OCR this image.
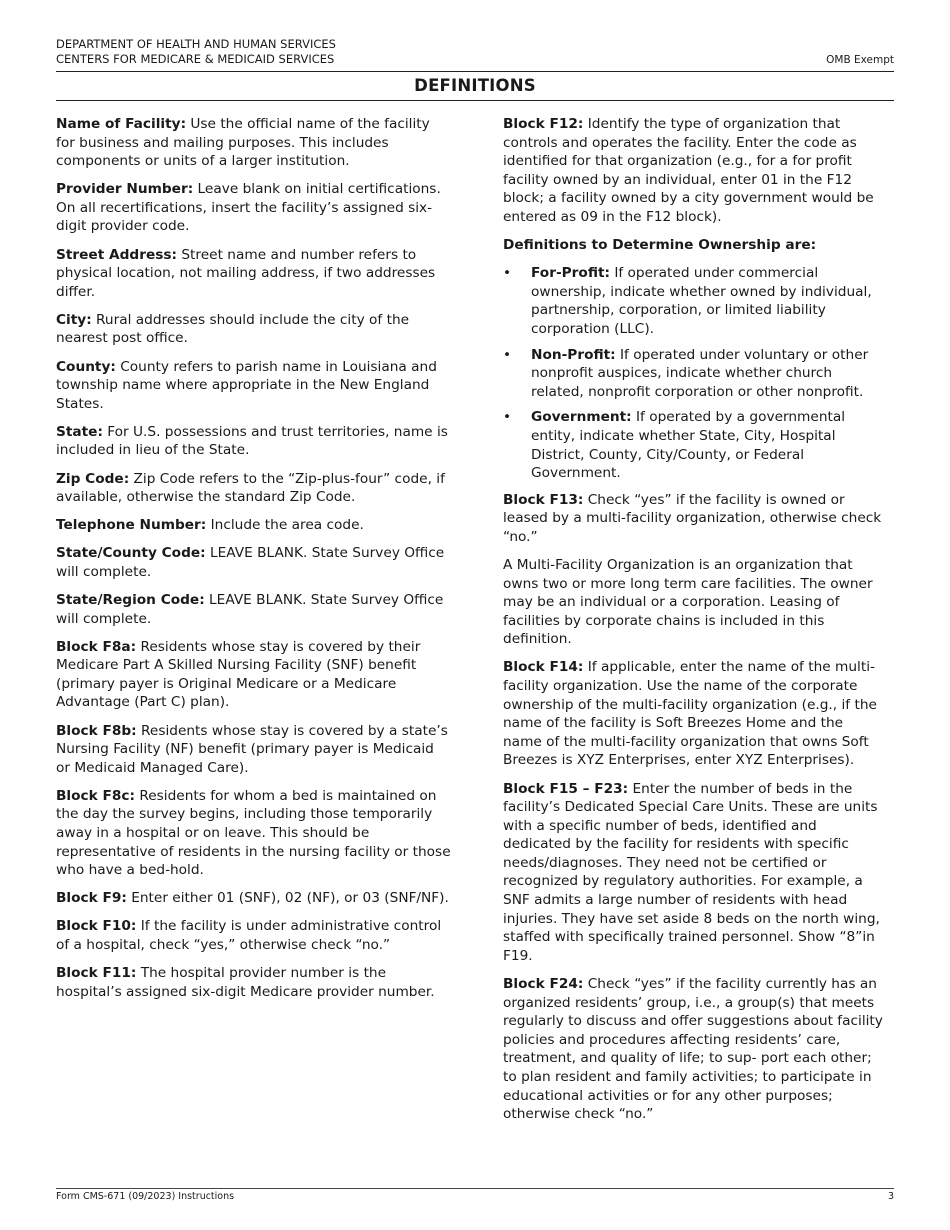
DEPARTMENT OF HEALTH AND HUMAN SERVICES
CENTERS FOR MEDICARE & MEDICAID SERVICES	OMB Exempt
DEFINITIONS

Name of Facility: Use the official name of the facility for business and mailing purposes. This includes components or units of a larger institution.

Provider Number: Leave blank on initial certifications. On all recertifications, insert the facility’s assigned six-digit provider code.

Street Address: Street name and number refers to physical location, not mailing address, if two addresses differ.

City: Rural addresses should include the city of the nearest post office.

County: County refers to parish name in Louisiana and township name where appropriate in the New England States.

State: For U.S. possessions and trust territories, name is included in lieu of the State.

Zip Code: Zip Code refers to the “Zip-plus-four” code, if available, otherwise the standard Zip Code.

Telephone Number: Include the area code.

State/County Code: LEAVE BLANK. State Survey Office will complete.

State/Region Code: LEAVE BLANK. State Survey Office will complete.

Block F8a: Residents whose stay is covered by their Medicare Part A Skilled Nursing Facility (SNF) benefit (primary payer is Original Medicare or a Medicare Advantage (Part C) plan).

Block F8b: Residents whose stay is covered by a state’s Nursing Facility (NF) benefit (primary payer is Medicaid or Medicaid Managed Care).

Block F8c: Residents for whom a bed is maintained on the day the survey begins, including those temporarily away in a hospital or on leave. This should be representative of residents in the nursing facility or those who have a bed-hold.

Block F9: Enter either 01 (SNF), 02 (NF), or 03 (SNF/NF).

Block F10: If the facility is under administrative control of a hospital, check “yes,” otherwise check “no.”

Block F11: The hospital provider number is the hospital’s assigned six-digit Medicare provider number.

Block F12: Identify the type of organization that controls and operates the facility. Enter the code as identified for that organization (e.g., for a for profit facility owned by an individual, enter 01 in the F12 block; a facility owned by a city government would be entered as 09 in the F12 block).

Definitions to Determine Ownership are:

• For-Profit: If operated under commercial ownership, indicate whether owned by individual, partnership, corporation, or limited liability corporation (LLC).
• Non-Profit: If operated under voluntary or other nonprofit auspices, indicate whether church related, nonprofit corporation or other nonprofit.
• Government: If operated by a governmental entity, indicate whether State, City, Hospital District, County, City/County, or Federal Government.

Block F13: Check “yes” if the facility is owned or leased by a multi-facility organization, otherwise check “no.”

A Multi-Facility Organization is an organization that owns two or more long term care facilities. The owner may be an individual or a corporation. Leasing of facilities by corporate chains is included in this definition.

Block F14: If applicable, enter the name of the multi-facility organization. Use the name of the corporate ownership of the multi-facility organization (e.g., if the name of the facility is Soft Breezes Home and the name of the multi-facility organization that owns Soft Breezes is XYZ Enterprises, enter XYZ Enterprises).

Block F15 – F23: Enter the number of beds in the facility’s Dedicated Special Care Units. These are units with a specific number of beds, identified and dedicated by the facility for residents with specific needs/diagnoses. They need not be certified or recognized by regulatory authorities. For example, a SNF admits a large number of residents with head injuries. They have set aside 8 beds on the north wing, staffed with specifically trained personnel. Show “8”in F19.

Block F24: Check “yes” if the facility currently has an organized residents’ group, i.e., a group(s) that meets regularly to discuss and offer suggestions about facility policies and procedures affecting residents’ care, treatment, and quality of life; to sup- port each other; to plan resident and family activities; to participate in educational activities or for any other purposes; otherwise check “no.”

Form CMS-671 (09/2023) Instructions	3
